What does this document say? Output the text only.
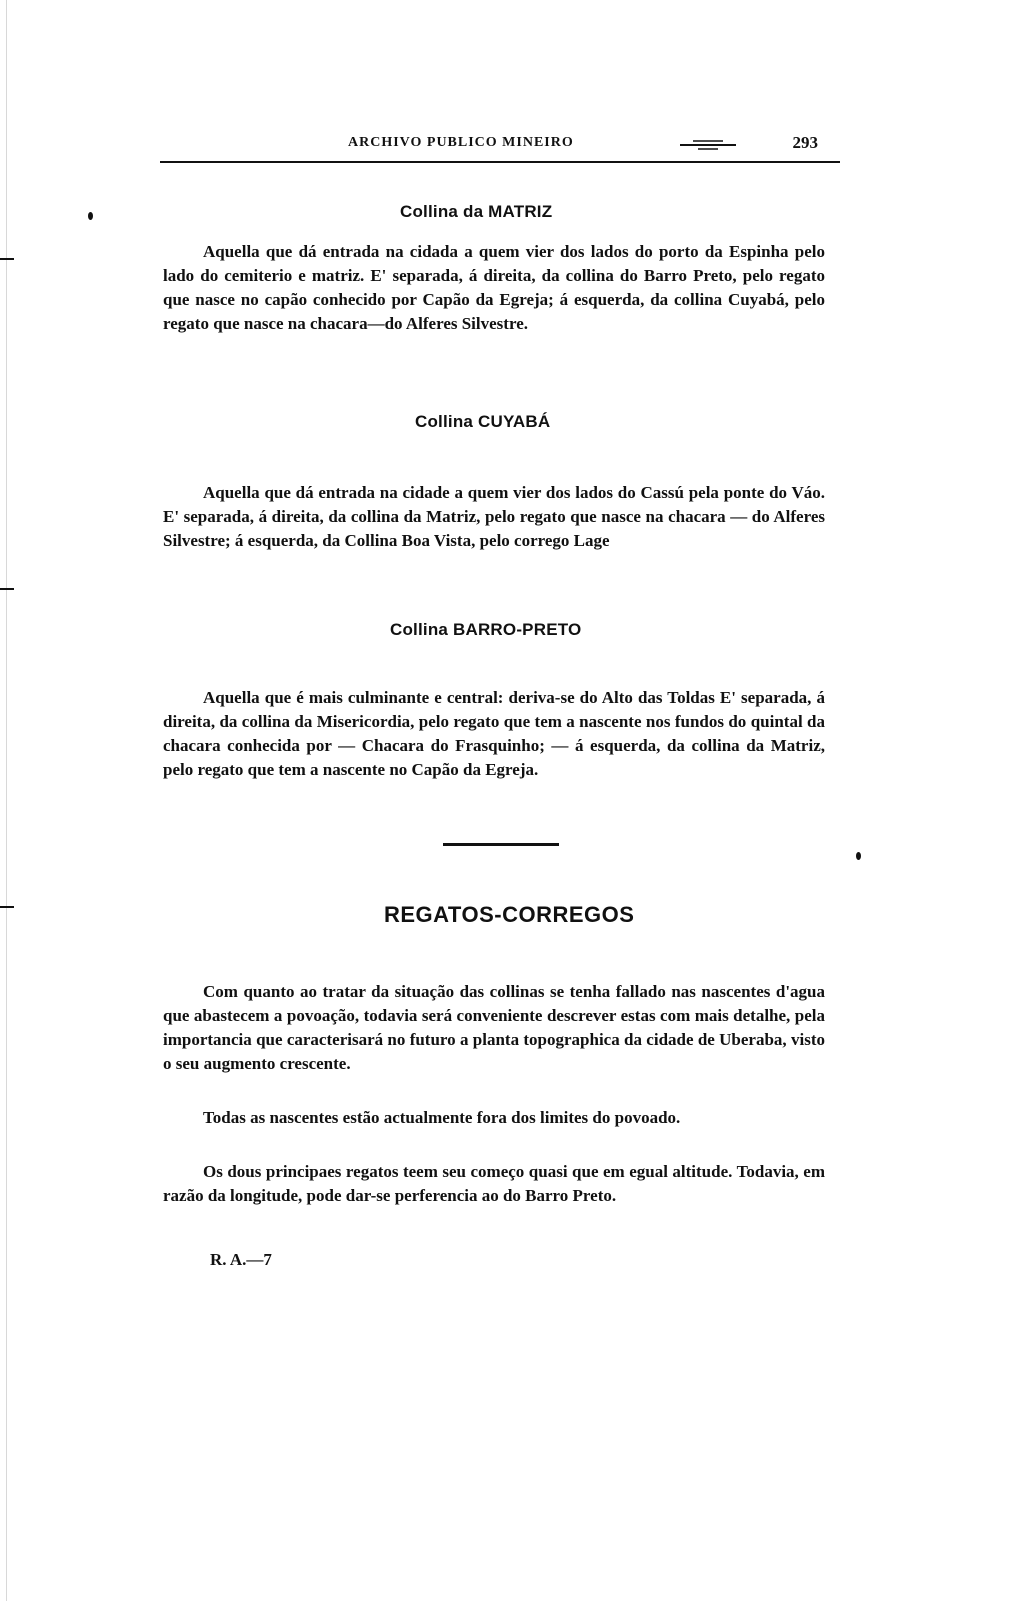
ARCHIVO PUBLICO MINEIRO	293
Collina da MATRIZ

Aquella que dá entrada na cidada a quem vier dos lados do porto da Espinha pelo lado do cemiterio e matriz. E' separada, á direita, da collina do Barro Preto, pelo regato que nasce no capão conhecido por Capão da Egreja; á esquerda, da collina Cuyabá, pelo regato que nasce na chacara—do Alferes Silvestre.

Collina CUYABÁ

Aquella que dá entrada na cidade a quem vier dos lados do Cassú pela ponte do Váo. E' separada, á direita, da collina da Matriz, pelo regato que nasce na chacara — do Alferes Silvestre; á esquerda, da Collina Boa Vista, pelo corrego Lage

Collina BARRO-PRETO

Aquella que é mais culminante e central: deriva-se do Alto das Toldas E' separada, á direita, da collina da Misericordia, pelo regato que tem a nascente nos fundos do quintal da chacara conhecida por — Chacara do Frasquinho; — á esquerda, da collina da Matriz, pelo regato que tem a nascente no Capão da Egreja.

REGATOS-CORREGOS

Com quanto ao tratar da situação das collinas se tenha fallado nas nascentes d'agua que abastecem a povoação, todavia será conveniente descrever estas com mais detalhe, pela importancia que caracterisará no futuro a planta topographica da cidade de Uberaba, visto o seu augmento crescente.

Todas as nascentes estão actualmente fora dos limites do povoado.

Os dous principaes regatos teem seu começo quasi que em egual altitude. Todavia, em razão da longitude, pode dar-se perferencia ao do Barro Preto.

R. A.—7
